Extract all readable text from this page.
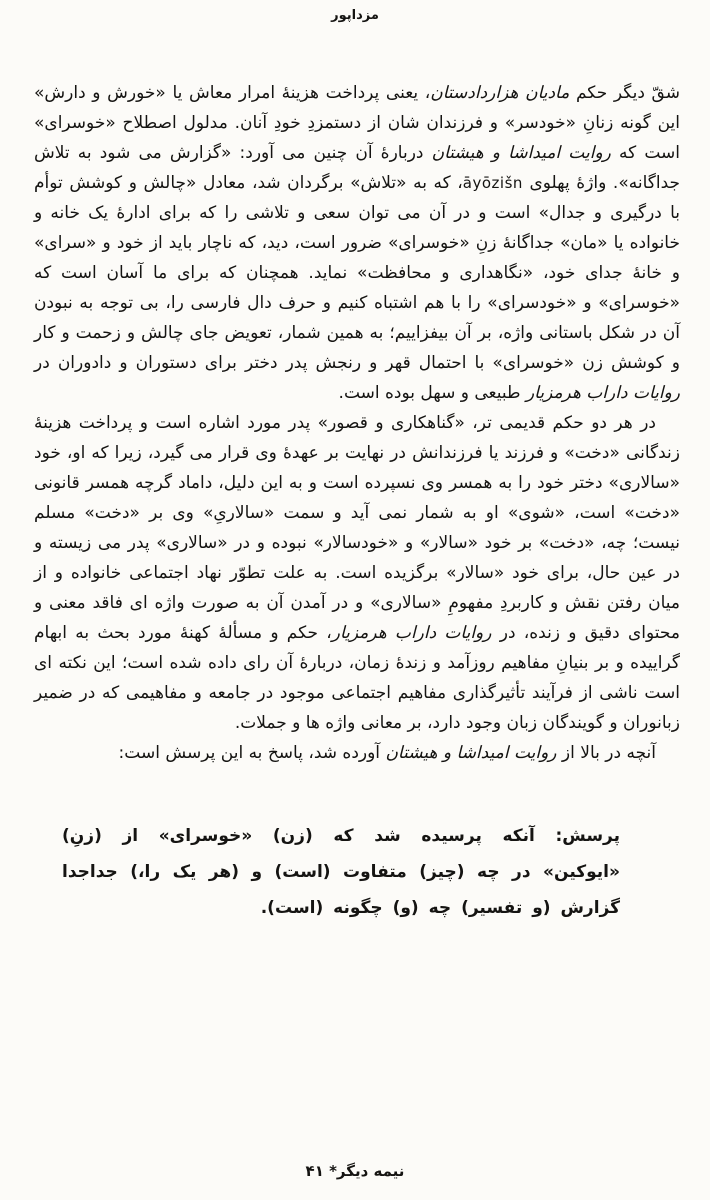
مزداپور

شقّ دیگر حکم مادیان هزاردادستان، یعنی پرداخت هزینهٔ امرار معاش یا «خورش و دارش» این گونه زنانِ «خودسر» و فرزندان شان از دستمزدِ خودِ آنان. مدلول اصطلاح «خوسرای» است که روایت امیداشا و هیشتان دربارهٔ آن چنین می آورد: «گزارش می شود به تلاش جداگانه». واژهٔ پهلوی āyōzišn، که به «تلاش» برگردان شد، معادل «چالش و کوشش توأم با درگیری و جدال» است و در آن می توان سعی و تلاشی را که برای ادارهٔ یک خانه و خانواده یا «مان» جداگانهٔ زنِ «خوسرای» ضرور است، دید، که ناچار باید از خود و «سرای» و خانهٔ جدای خود، «نگاهداری و محافظت» نماید. همچنان که برای ما آسان است که «خوسرای» و «خودسرای» را با هم اشتباه کنیم و حرف دال فارسی را، بی توجه به نبودن آن در شکل باستانی واژه، بر آن بیفزاییم؛ به همین شمار، تعویض جای چالش و زحمت و کار و کوشش زن «خوسرای» با احتمال قهر و رنجش پدر دختر برای دستوران و دادوران در روایات داراب هرمزیار طبیعی و سهل بوده است.

در هر دو حکم قدیمی تر، «گناهکاری و قصور» پدر مورد اشاره است و پرداخت هزینهٔ زندگانی «دخت» و فرزند یا فرزندانش در نهایت بر عهدهٔ وی قرار می گیرد، زیرا که او، خود «سالاری» دختر خود را به همسر وی نسپرده است و به این دلیل، داماد گرچه همسر قانونی «دخت» است، «شوی» او به شمار نمی آید و سمت «سالاریِ» وی بر «دخت» مسلم نیست؛ چه، «دخت» بر خود «سالار» و «خودسالار» نبوده و در «سالاری» پدر می زیسته و در عین حال، برای خود «سالار» برگزیده است. به علت تطوّر نهاد اجتماعی خانواده و از میان رفتن نقش و کاربردِ مفهومِ «سالاری» و در آمدن آن به صورت واژه ای فاقد معنی و محتوای دقیق و زنده، در روایات داراب هرمزیار، حکم و مسألهٔ کهنهٔ مورد بحث به ابهام گراییده و بر بنیانِ مفاهیم روزآمد و زندهٔ زمان، دربارهٔ آن رای داده شده است؛ این نکته ای است ناشی از فرآیند تأثیرگذاری مفاهیم اجتماعی موجود در جامعه و مفاهیمی که در ضمیر زبانوران و گویندگان زبان وجود دارد، بر معانی واژه ها و جملات.

آنچه در بالا از روایت امیداشا و هیشتان آورده شد، پاسخ به این پرسش است:

پرسش: آنکه پرسیده شد که (زن) «خوسرای» از (زنِ) «ایوکین» در چه (چیز) متفاوت (است) و (هر یک را،) جداجدا گزارش (و تفسیر) چه (و) چگونه (است).
نیمه دیگر* ۴۱
